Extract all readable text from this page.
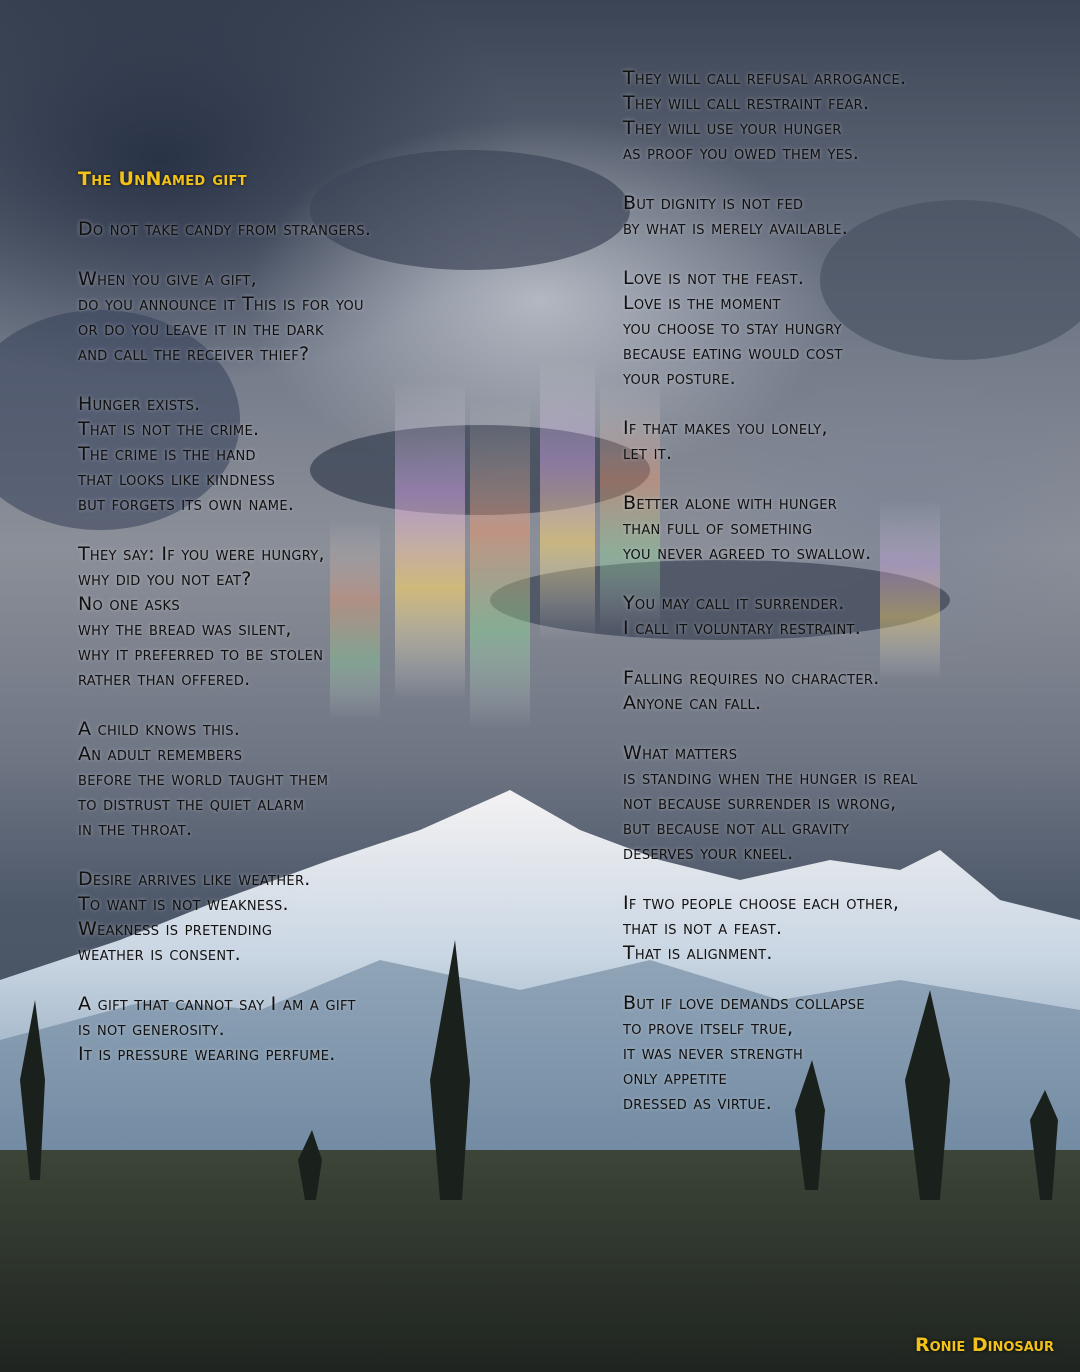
The UnNamed gift
Do not take candy from strangers.
When you give a gift,
do you announce it This is for you
or do you leave it in the dark
and call the receiver thief?
Hunger exists.
That is not the crime.
The crime is the hand
that looks like kindness
but forgets its own name.
They say: If you were hungry,
why did you not eat?
No one asks
why the bread was silent,
why it preferred to be stolen
rather than offered.
A child knows this.
An adult remembers
before the world taught them
to distrust the quiet alarm
in the throat.
Desire arrives like weather.
To want is not weakness.
Weakness is pretending
weather is consent.
A gift that cannot say I am a gift
is not generosity.
It is pressure wearing perfume.
They will call refusal arrogance.
They will call restraint fear.
They will use your hunger
as proof you owed them yes.
But dignity is not fed
by what is merely available.
Love is not the feast.
Love is the moment
you choose to stay hungry
because eating would cost
your posture.
If that makes you lonely,
let it.
Better alone with hunger
than full of something
you never agreed to swallow.
You may call it surrender.
I call it voluntary restraint.
Falling requires no character.
Anyone can fall.
What matters
is standing when the hunger is real
not because surrender is wrong,
but because not all gravity
deserves your kneel.
If two people choose each other,
that is not a feast.
That is alignment.
But if love demands collapse
to prove itself true,
it was never strength
only appetite
dressed as virtue.
Ronie Dinosaur
